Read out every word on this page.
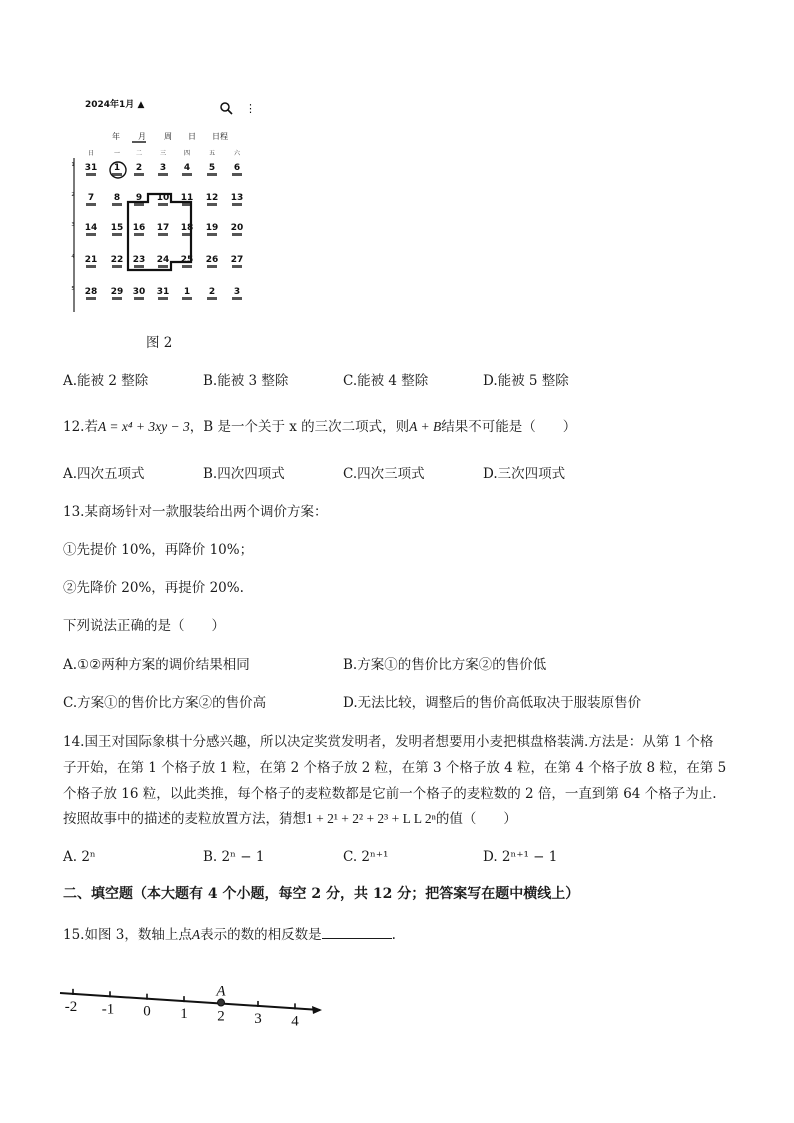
2024年1月 ▲	⋮
年 月 周 日 日程
日	一	二	三	四	五	六
1
2
3
4
5
31 1 2 3 4 5 6
7 8 9 10 11 12 13
14 15 16 17 18 19 20
21 22 23 24 25 26 27
28 29 30 31 1 2 3
图 2
A.能被 2 整除	B.能被 3 整除	C.能被 4 整除	D.能被 5 整除
12.若A = x⁴ + 3xy − 3，B 是一个关于 x 的三次二项式，则A + B结果不可能是（　　）
A.四次五项式	B.四次四项式	C.四次三项式	D.三次四项式
13.某商场针对一款服装给出两个调价方案：
①先提价 10%，再降价 10%；
②先降价 20%，再提价 20%.
下列说法正确的是（　　）
A.①②两种方案的调价结果相同	B.方案①的售价比方案②的售价低
C.方案①的售价比方案②的售价高	D.无法比较，调整后的售价高低取决于服装原售价
14.国王对国际象棋十分感兴趣，所以决定奖赏发明者，发明者想要用小麦把棋盘格装满.方法是：从第 1 个格
子开始，在第 1 个格子放 1 粒，在第 2 个格子放 2 粒，在第 3 个格子放 4 粒，在第 4 个格子放 8 粒，在第 5
个格子放 16 粒，以此类推，每个格子的麦粒数都是它前一个格子的麦粒数的 2 倍，一直到第 64 个格子为止.
按照故事中的描述的麦粒放置方法，猜想1 + 2¹ + 2² + 2³ + L L 2ⁿ的值（　　）
A. 2ⁿ	B. 2ⁿ − 1	C. 2ⁿ⁺¹	D. 2ⁿ⁺¹ − 1
二、填空题（本大题有 4 个小题，每空 2 分，共 12 分；把答案写在题中横线上）
15.如图 3，数轴上点A表示的数的相反数是	.
-2 -1 0 1 2 3 4
A
